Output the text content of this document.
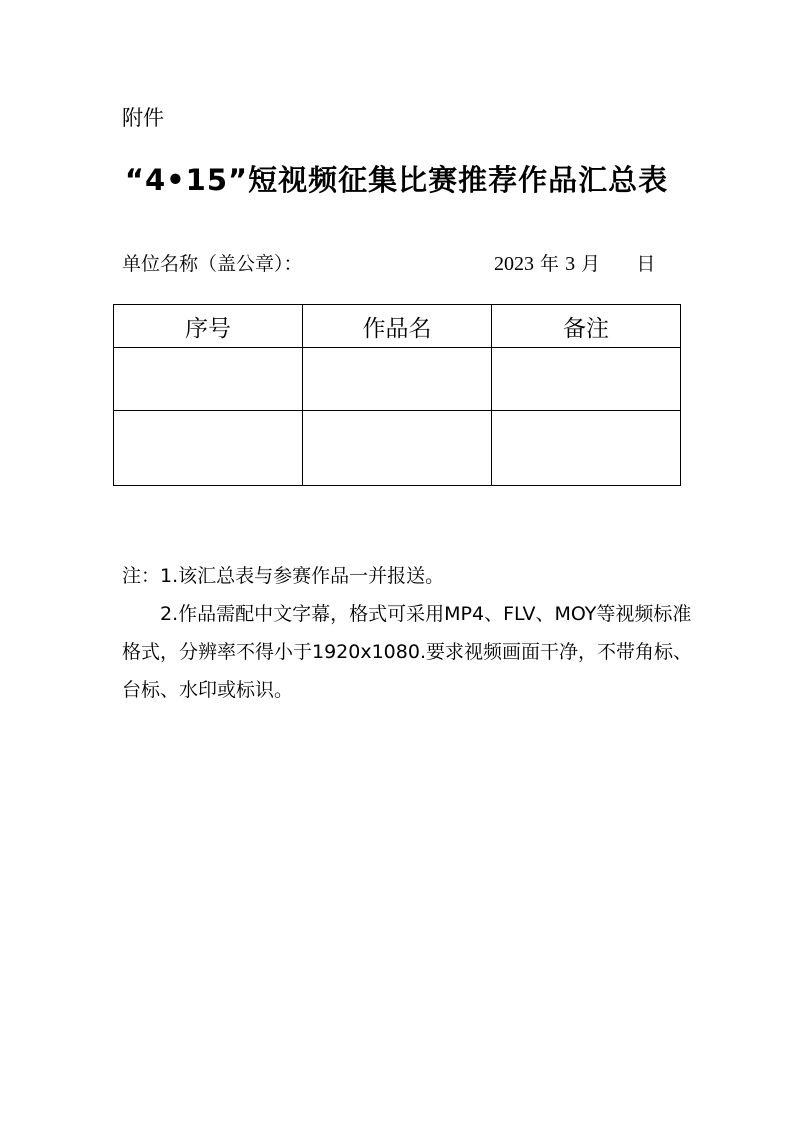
附件
“4•15”短视频征集比赛推荐作品汇总表
单位名称（盖公章）：	2023 年 3 月 日
序号	作品名	备注

注：1.该汇总表与参赛作品一并报送。

2.作品需配中文字幕，格式可采用MP4、FLV、MOY等视频标准格式，分辨率不得小于1920x1080.要求视频画面干净，不带角标、台标、水印或标识。
